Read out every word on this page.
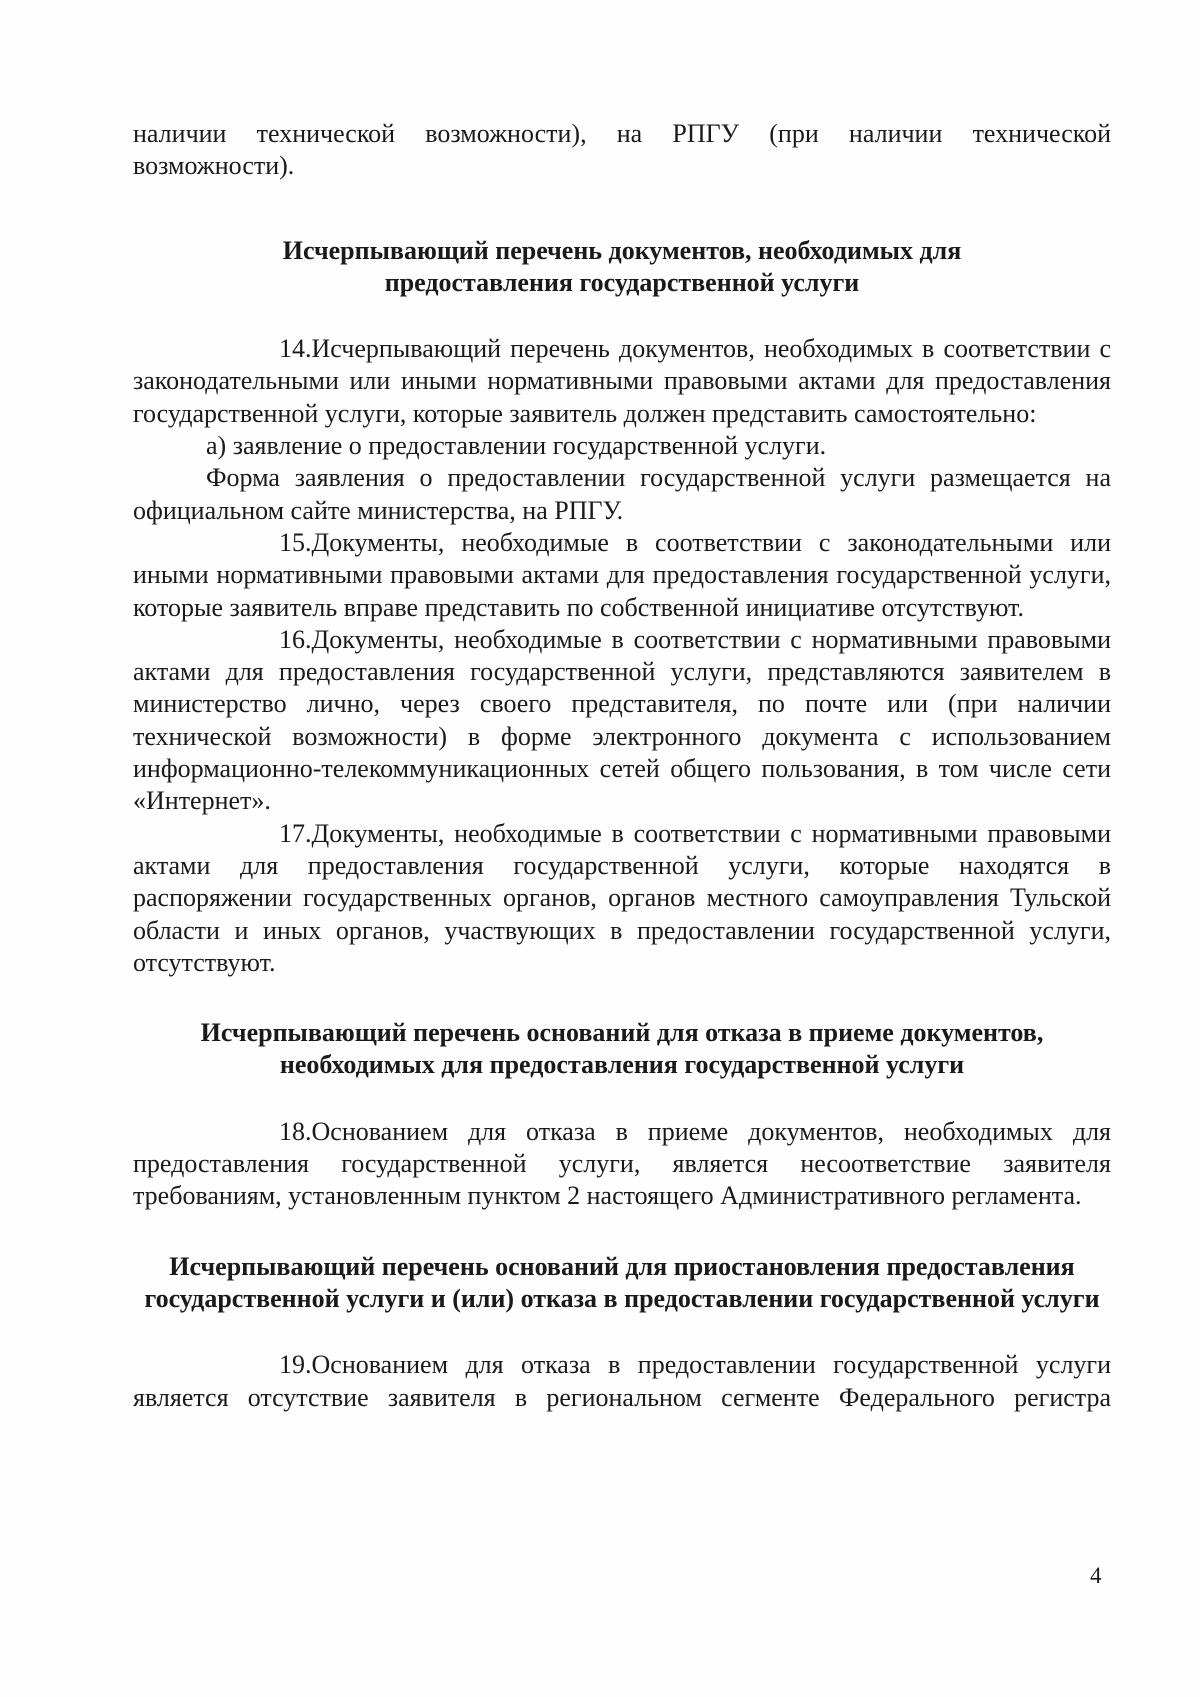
наличии технической возможности), на РПГУ (при наличии технической возможности).

Исчерпывающий перечень документов, необходимых для предоставления государственной услуги

14.Исчерпывающий перечень документов, необходимых в соответствии с законодательными или иными нормативными правовыми актами для предоставления государственной услуги, которые заявитель должен представить самостоятельно:

а) заявление о предоставлении государственной услуги.

Форма заявления о предоставлении государственной услуги размещается на официальном сайте министерства, на РПГУ.

15.Документы, необходимые в соответствии с законодательными или иными нормативными правовыми актами для предоставления государственной услуги, которые заявитель вправе представить по собственной инициативе отсутствуют.

16.Документы, необходимые в соответствии с нормативными правовыми актами для предоставления государственной услуги, представляются заявителем в министерство лично, через своего представителя, по почте или (при наличии технической возможности) в форме электронного документа с использованием информационно-телекоммуникационных сетей общего пользования, в том числе сети «Интернет».

17.Документы, необходимые в соответствии с нормативными правовыми актами для предоставления государственной услуги, которые находятся в распоряжении государственных органов, органов местного самоуправления Тульской области и иных органов, участвующих в предоставлении государственной услуги, отсутствуют.

Исчерпывающий перечень оснований для отказа в приеме документов, необходимых для предоставления государственной услуги

18.Основанием для отказа в приеме документов, необходимых для предоставления государственной услуги, является несоответствие заявителя требованиям, установленным пунктом 2 настоящего Административного регламента.

Исчерпывающий перечень оснований для приостановления предоставления государственной услуги и (или) отказа в предоставлении государственной услуги

19.Основанием для отказа в предоставлении государственной услуги является отсутствие заявителя в региональном сегменте Федерального регистра

4
